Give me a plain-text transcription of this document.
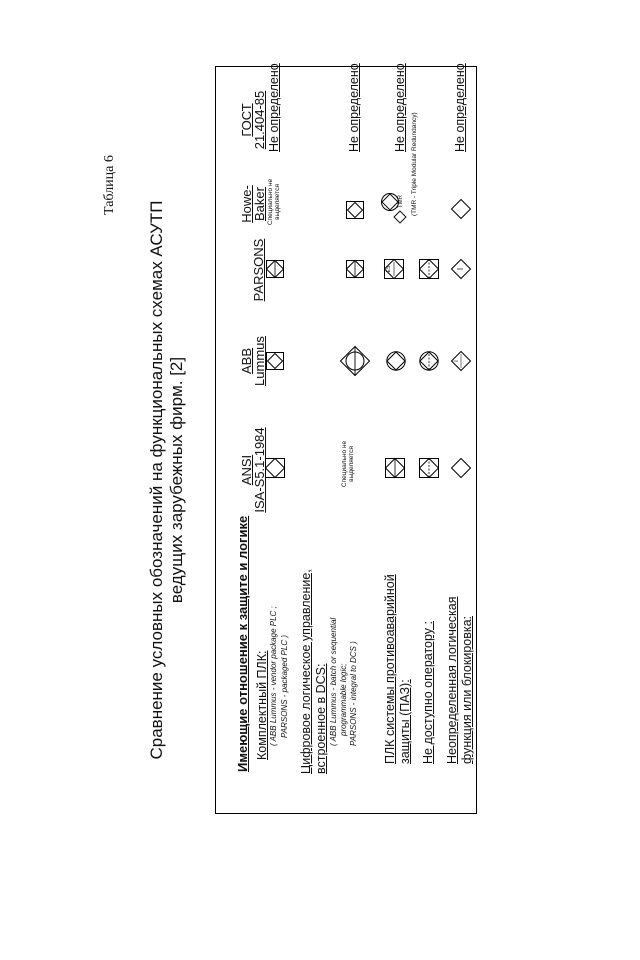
Таблица 6
Сравнение условных обозначений на функциональных схемах АСУТП ведущих зарубежных фирм. [2]
Имеющие отношение к защите и логике
ANSI
ISA-S5.1-1984
ABB
Lummus
PARSONS
Howe-
Baker
ГОСТ
21.404-85
Комплектный ПЛК: ( ABB Lummus - vendor package PLC ; PARSONS - packaged PLC )
Специально не выделяется
Не определено
Цифровое логическое управление, встроенное в DCS: ( ABB Lummus - batch or sequential programmable logic; PARSONS - integral to DCS )
Специально не выделяется
Не определено
ПЛК системы противоаварийной защиты (ПАЗ):
ES
TMR (TMR - Triple Modular Redundancy)
Не определено
Не доступно оператору : Неопределенная логическая функция или блокировка:
I
I
Не определено
